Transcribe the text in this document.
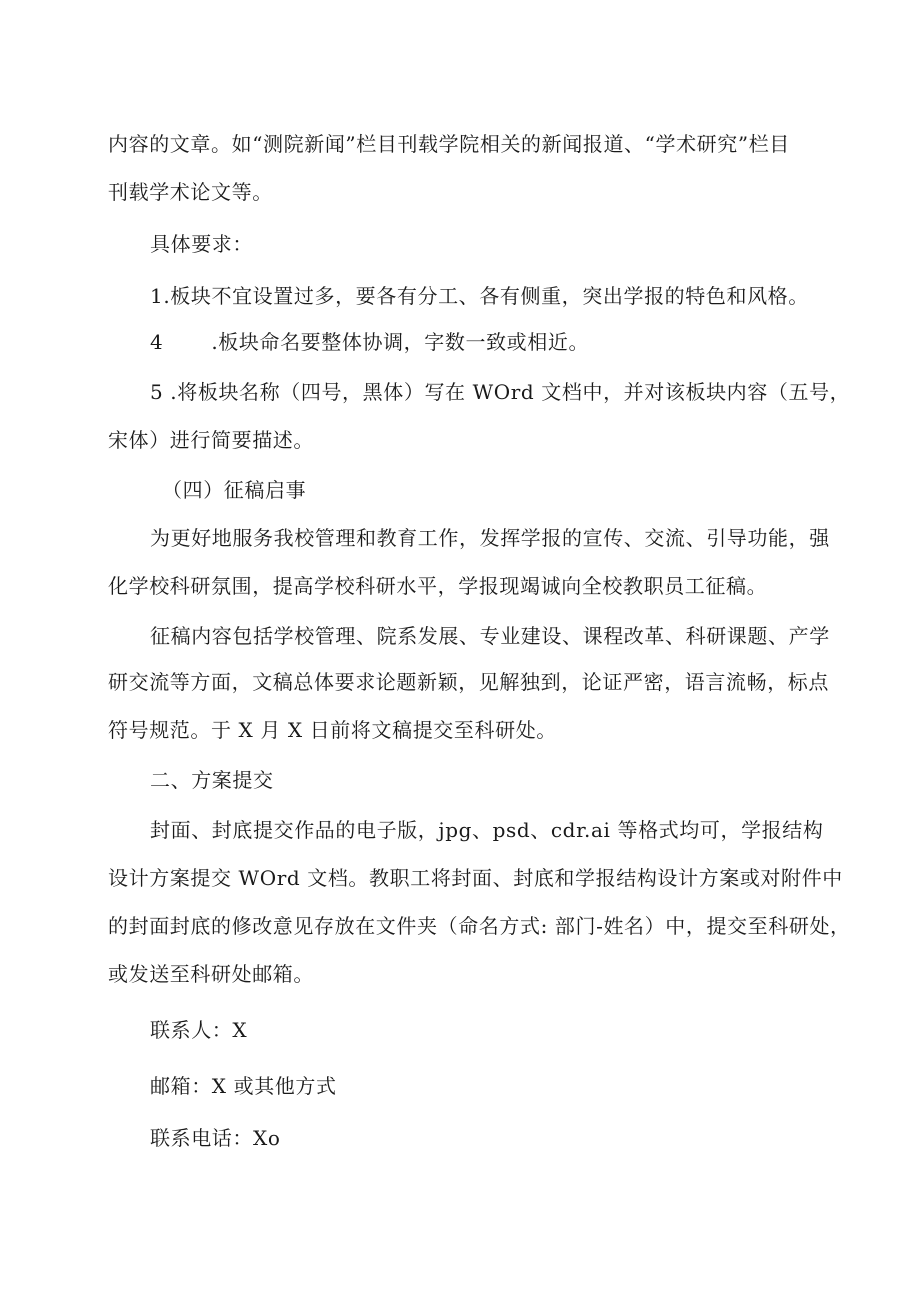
内容的文章。如“测院新闻”栏目刊载学院相关的新闻报道、“学术研究”栏目
刊载学术论文等。
具体要求：
1.板块不宜设置过多，要各有分工、各有侧重，突出学报的特色和风格。
4 .板块命名要整体协调，字数一致或相近。
5 .将板块名称（四号，黑体）写在 WOrd 文档中，并对该板块内容（五号，
宋体）进行简要描述。
（四）征稿启事
为更好地服务我校管理和教育工作，发挥学报的宣传、交流、引导功能，强
化学校科研氛围，提高学校科研水平，学报现竭诚向全校教职员工征稿。
征稿内容包括学校管理、院系发展、专业建设、课程改革、科研课题、产学
研交流等方面，文稿总体要求论题新颖，见解独到，论证严密，语言流畅，标点
符号规范。于 X 月 X 日前将文稿提交至科研处。
二、方案提交
封面、封底提交作品的电子版，jpg、psd、cdr.ai 等格式均可，学报结构
设计方案提交 WOrd 文档。教职工将封面、封底和学报结构设计方案或对附件中
的封面封底的修改意见存放在文件夹（命名方式: 部门-姓名）中，提交至科研处，
或发送至科研处邮箱。
联系人：X
邮箱：X 或其他方式
联系电话：Xo
